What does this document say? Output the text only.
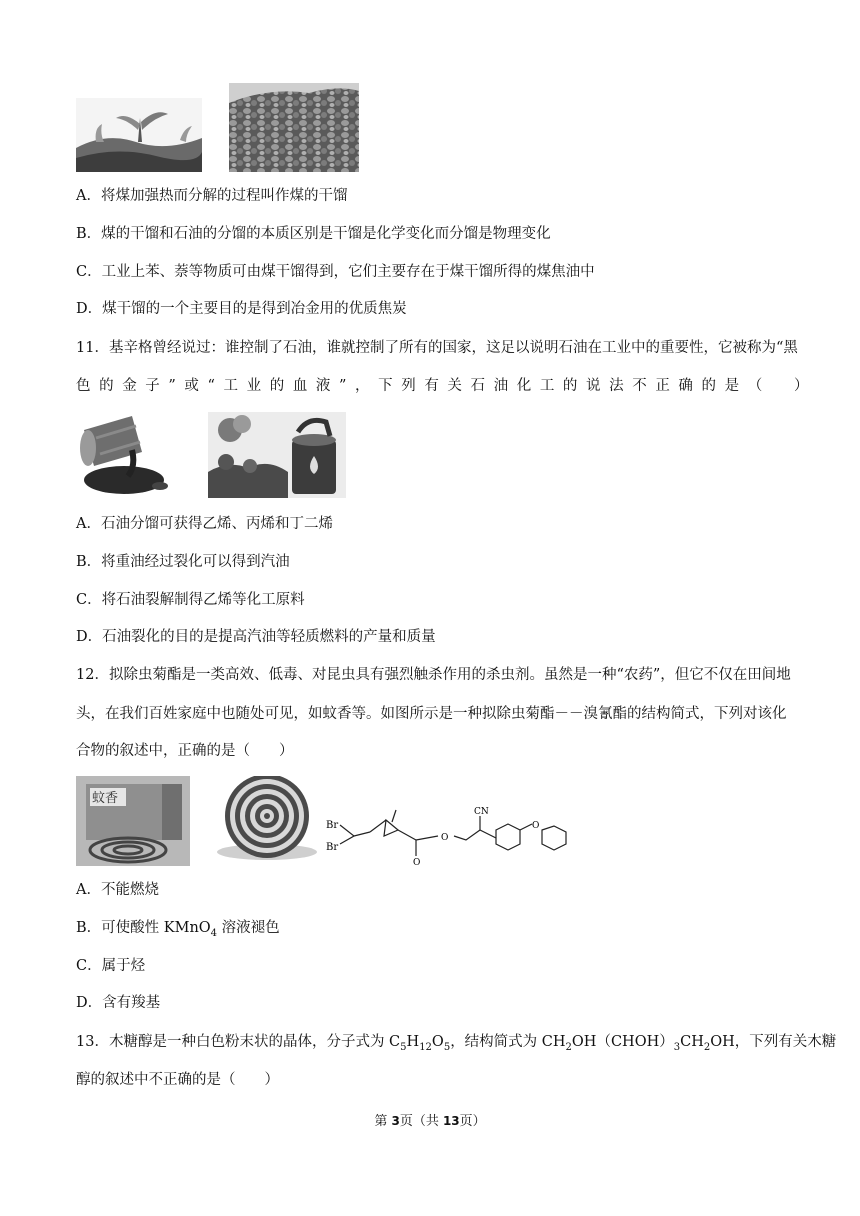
A．将煤加强热而分解的过程叫作煤的干馏
B．煤的干馏和石油的分馏的本质区别是干馏是化学变化而分馏是物理变化
C．工业上苯、萘等物质可由煤干馏得到，它们主要存在于煤干馏所得的煤焦油中
D．煤干馏的一个主要目的是得到冶金用的优质焦炭
11．基辛格曾经说过：谁控制了石油，谁就控制了所有的国家，这足以说明石油在工业中的重要性，它被称为“黑
色的金子”或“工业的血液”，下列有关石油化工的说法不正确的是（ ）
A．石油分馏可获得乙烯、丙烯和丁二烯
B．将重油经过裂化可以得到汽油
C．将石油裂解制得乙烯等化工原料
D．石油裂化的目的是提高汽油等轻质燃料的产量和质量
12．拟除虫菊酯是一类高效、低毒、对昆虫具有强烈触杀作用的杀虫剂。虽然是一种“农药”，但它不仅在田间地
头，在我们百姓家庭中也随处可见，如蚊香等。如图所示是一种拟除虫菊酯－－溴氰酯的结构简式，下列对该化
合物的叙述中，正确的是（　　）
蚊香
Br
Br
O
O
CN
O
A．不能燃烧
B．可使酸性 KMnO$_4$ 溶液褪色
C．属于烃
D．含有羧基
13．木糖醇是一种白色粉末状的晶体，分子式为 $C_5H_{12}O_5$，结构简式为 $CH_2OH(CHOH)_3CH_2OH$，下列有关木糖
醇的叙述中不正确的是（　　）
第 3页（共 13页）
